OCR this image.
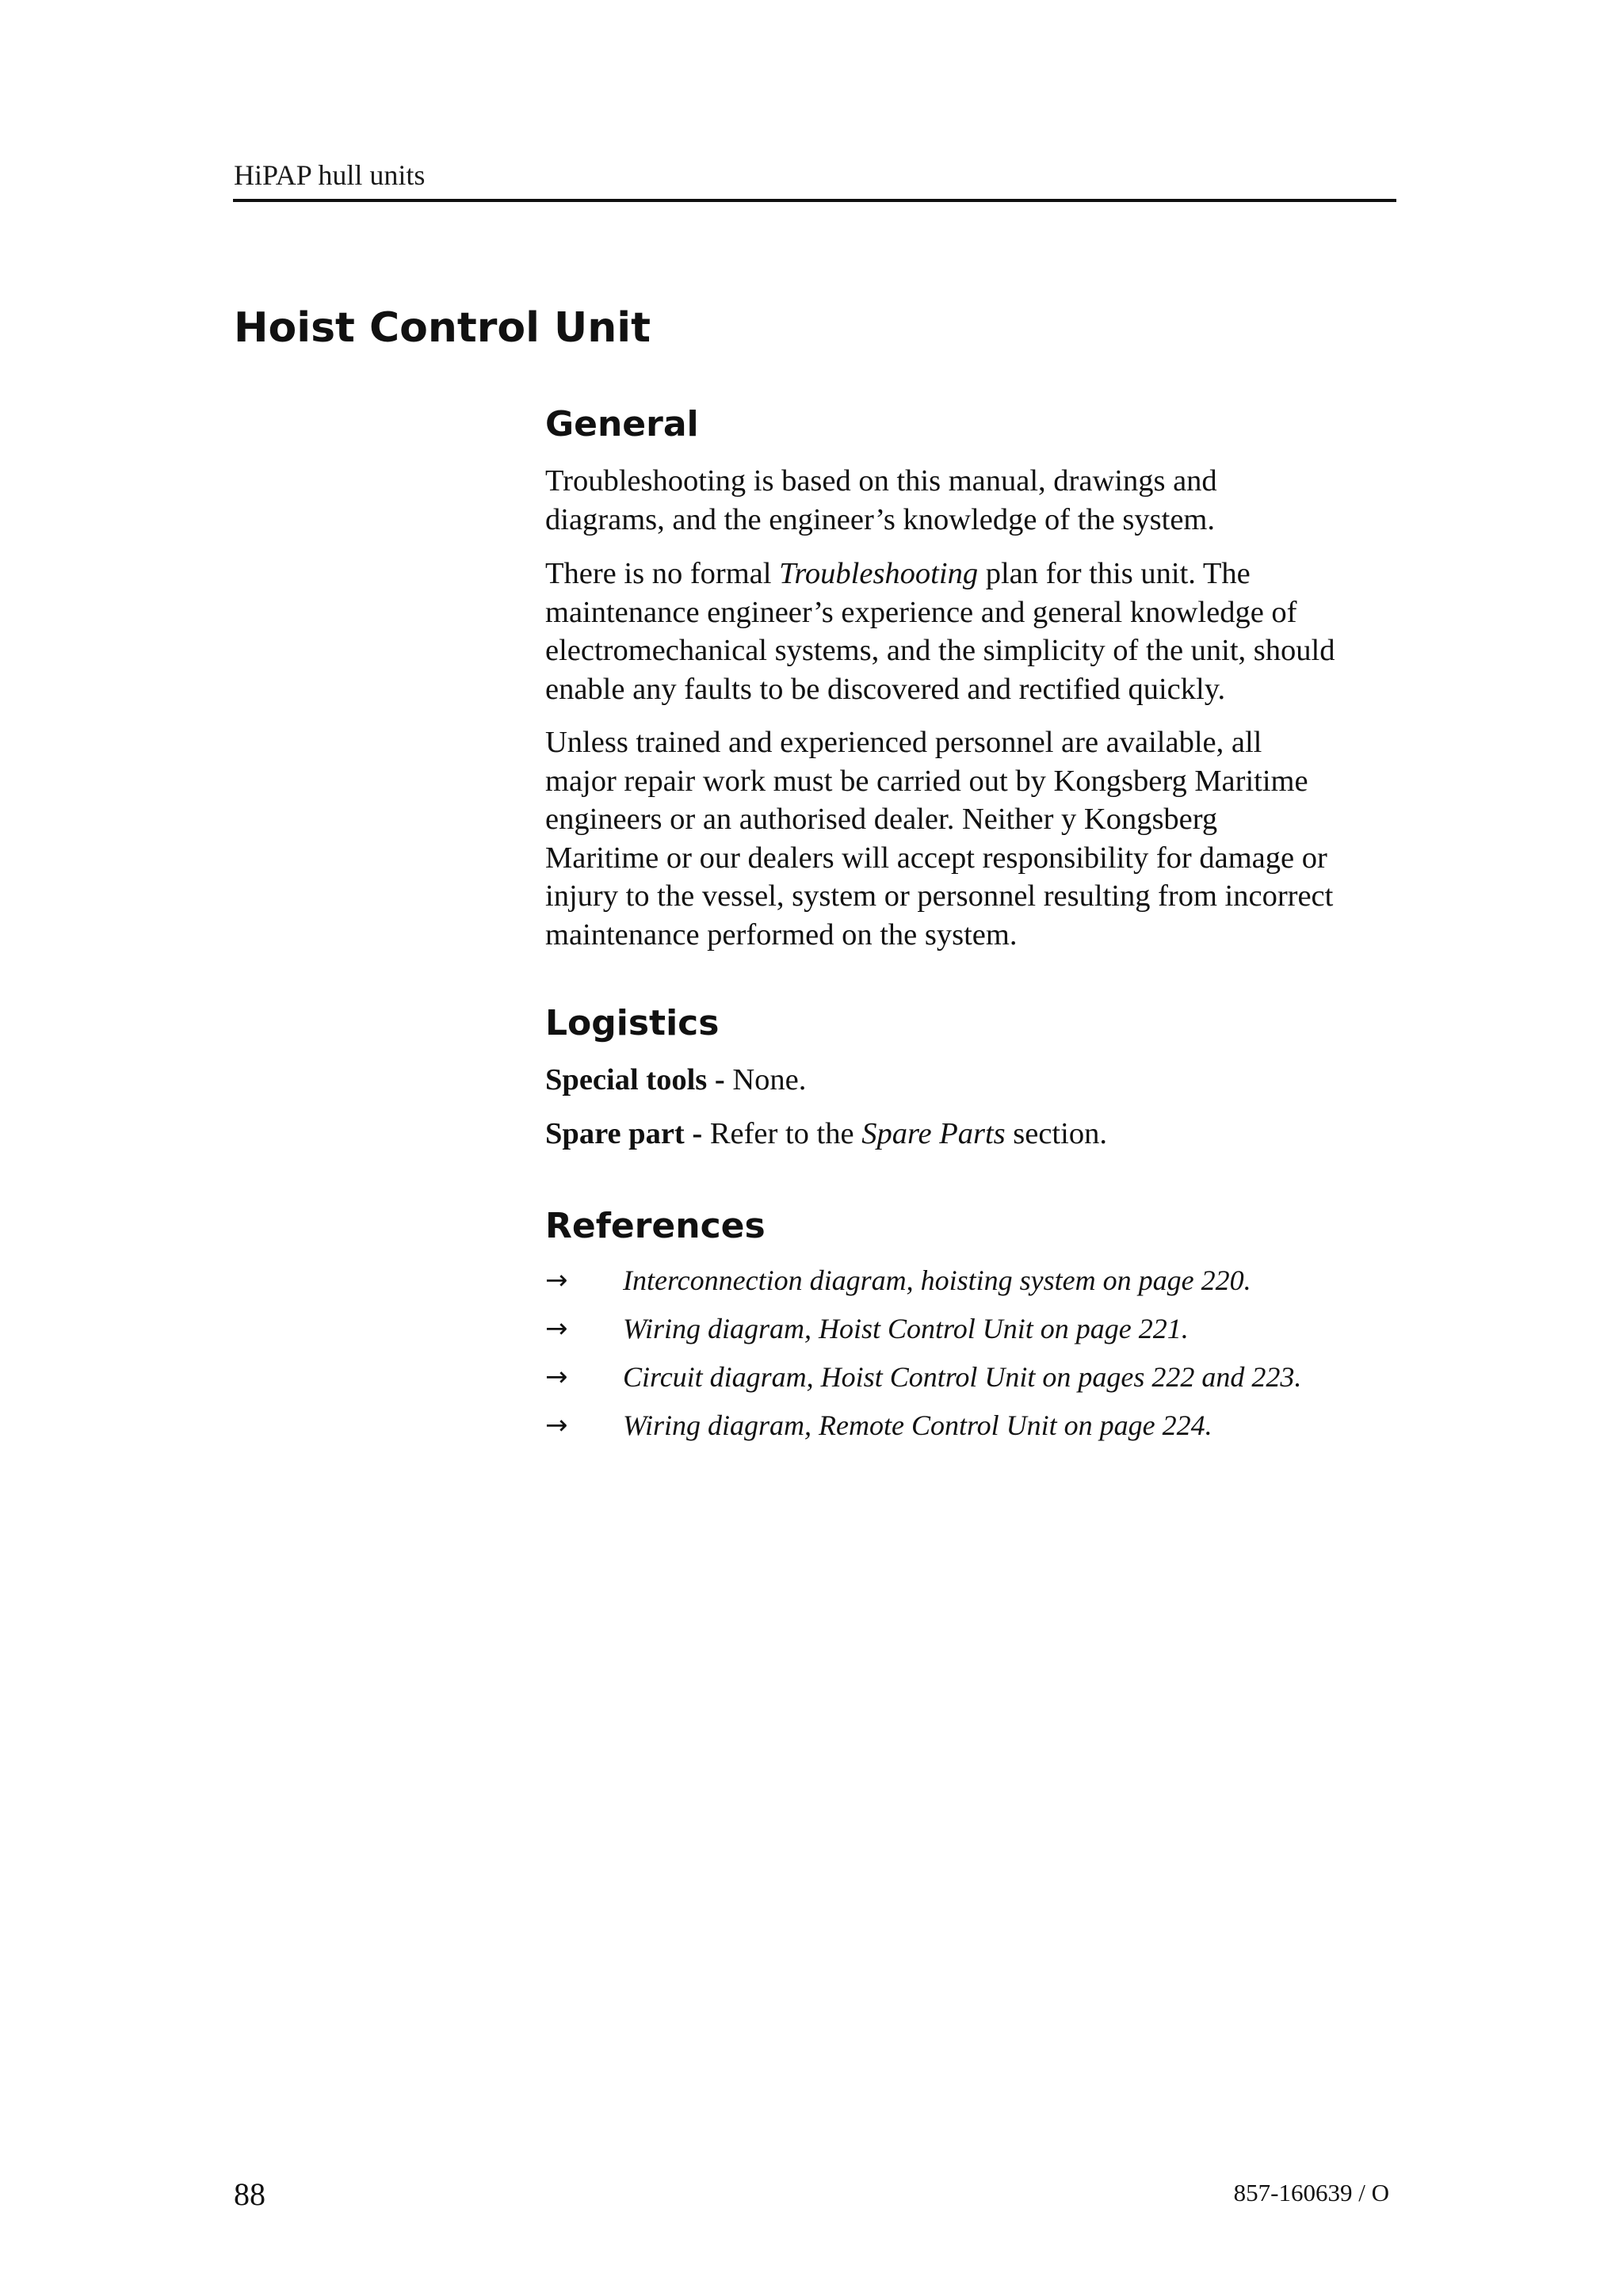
HiPAP hull units
Hoist Control Unit
General

Troubleshooting is based on this manual, drawings and
diagrams, and the engineer’s knowledge of the system.

There is no formal Troubleshooting plan for this unit. The
maintenance engineer’s experience and general knowledge of
electromechanical systems, and the simplicity of the unit, should
enable any faults to be discovered and rectified quickly.

Unless trained and experienced personnel are available, all
major repair work must be carried out by Kongsberg Maritime
engineers or an authorised dealer. Neither y Kongsberg
Maritime or our dealers will accept responsibility for damage or
injury to the vessel, system or personnel resulting from incorrect
maintenance performed on the system.

Logistics

Special tools - None.

Spare part - Refer to the Spare Parts section.

References
→ Interconnection diagram, hoisting system on page 220.
→ Wiring diagram, Hoist Control Unit on page 221.
→ Circuit diagram, Hoist Control Unit on pages 222 and 223.
→ Wiring diagram, Remote Control Unit on page 224.
88	857-160639 / O
